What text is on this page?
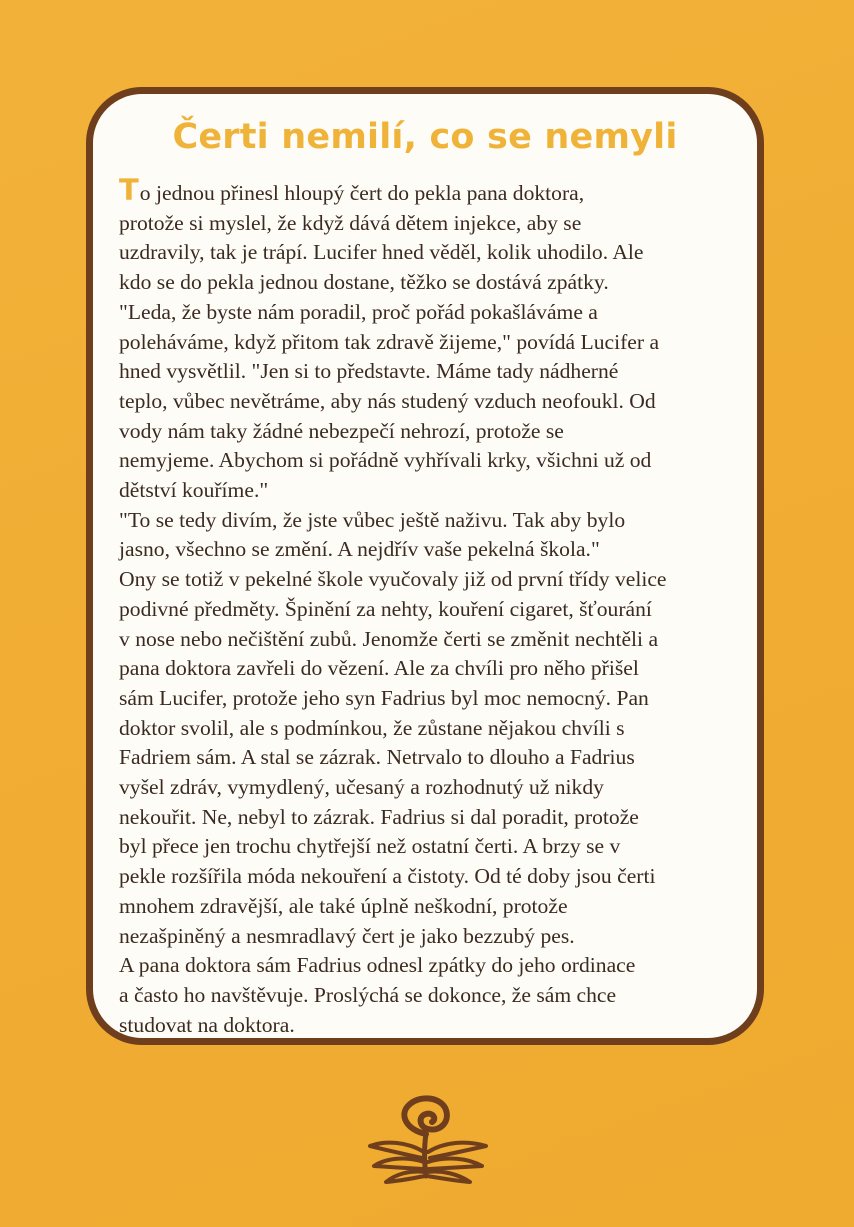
Čerti nemilí, co se nemyli
To jednou přinesl hloupý čert do pekla pana doktora,
protože si myslel, že když dává dětem injekce, aby se
uzdravily, tak je trápí. Lucifer hned věděl, kolik uhodilo. Ale
kdo se do pekla jednou dostane, těžko se dostává zpátky.
"Leda, že byste nám poradil, proč pořád pokašláváme a
poleháváme, když přitom tak zdravě žijeme," povídá Lucifer a
hned vysvětlil. "Jen si to představte. Máme tady nádherné
teplo, vůbec nevětráme, aby nás studený vzduch neofoukl. Od
vody nám taky žádné nebezpečí nehrozí, protože se
nemyjeme. Abychom si pořádně vyhřívali krky, všichni už od
dětství kouříme."
"To se tedy divím, že jste vůbec ještě naživu. Tak aby bylo
jasno, všechno se změní. A nejdřív vaše pekelná škola."
Ony se totiž v pekelné škole vyučovaly již od první třídy velice
podivné předměty. Špinění za nehty, kouření cigaret, šťourání
v nose nebo nečištění zubů. Jenomže čerti se změnit nechtěli a
pana doktora zavřeli do vězení. Ale za chvíli pro něho přišel
sám Lucifer, protože jeho syn Fadrius byl moc nemocný. Pan
doktor svolil, ale s podmínkou, že zůstane nějakou chvíli s
Fadriem sám. A stal se zázrak. Netrvalo to dlouho a Fadrius
vyšel zdráv, vymydlený, učesaný a rozhodnutý už nikdy
nekouřit. Ne, nebyl to zázrak. Fadrius si dal poradit, protože
byl přece jen trochu chytřejší než ostatní čerti. A brzy se v
pekle rozšířila móda nekouření a čistoty. Od té doby jsou čerti
mnohem zdravější, ale také úplně neškodní, protože
nezašpiněný a nesmradlavý čert je jako bezzubý pes.
A pana doktora sám Fadrius odnesl zpátky do jeho ordinace
a často ho navštěvuje. Proslýchá se dokonce, že sám chce
studovat na doktora.
